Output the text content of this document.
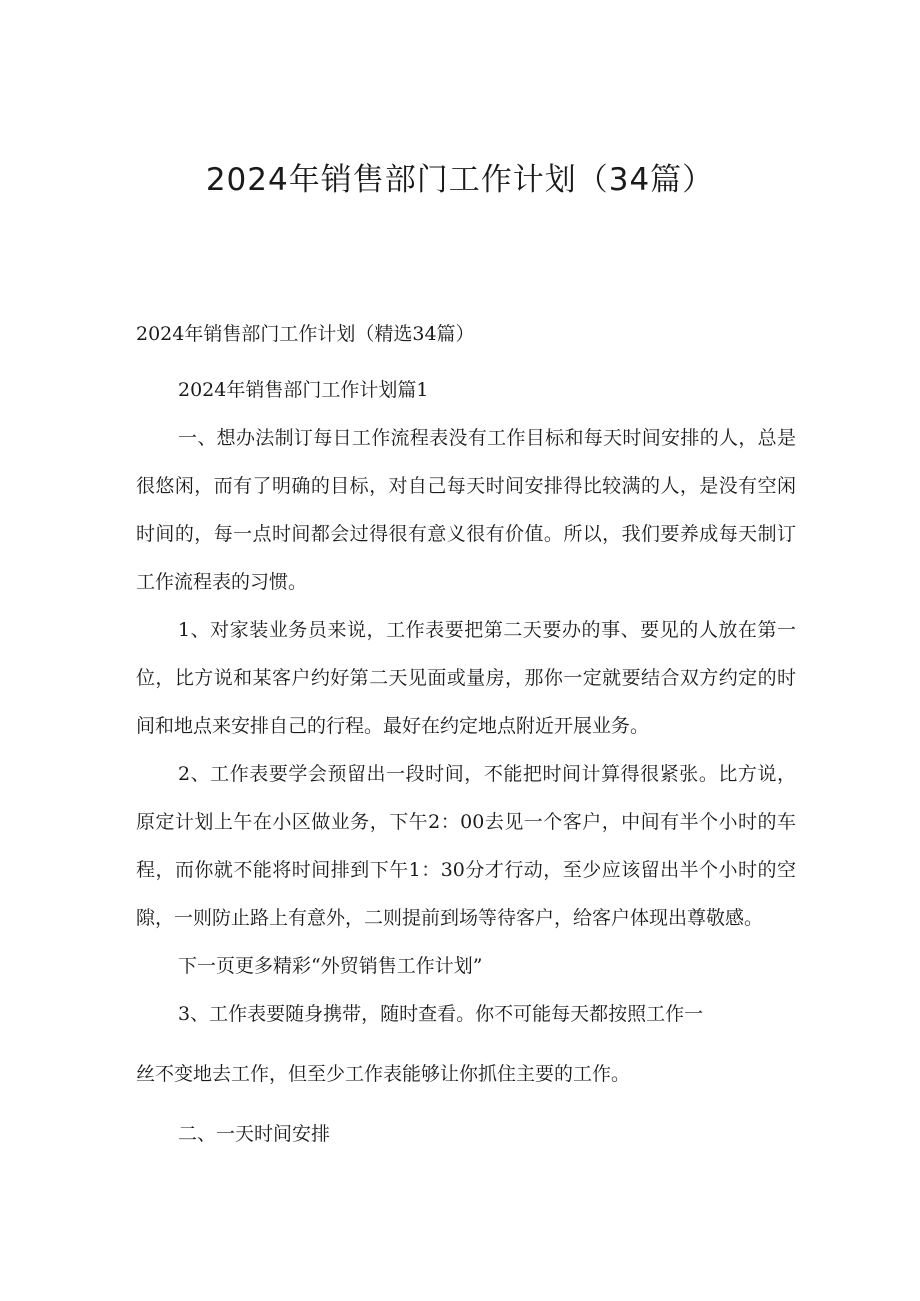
2024年销售部门工作计划（34篇）

2024年销售部门工作计划（精选34篇）

2024年销售部门工作计划篇1

一、想办法制订每日工作流程表没有工作目标和每天时间安排的人，总是很悠闲，而有了明确的目标，对自己每天时间安排得比较满的人，是没有空闲时间的，每一点时间都会过得很有意义很有价值。所以，我们要养成每天制订工作流程表的习惯。

1、对家装业务员来说，工作表要把第二天要办的事、要见的人放在第一位，比方说和某客户约好第二天见面或量房，那你一定就要结合双方约定的时间和地点来安排自己的行程。最好在约定地点附近开展业务。

2、工作表要学会预留出一段时间，不能把时间计算得很紧张。比方说，原定计划上午在小区做业务，下午2：00去见一个客户，中间有半个小时的车程，而你就不能将时间排到下午1：30分才行动，至少应该留出半个小时的空隙，一则防止路上有意外，二则提前到场等待客户，给客户体现出尊敬感。

下一页更多精彩“外贸销售工作计划”

3、工作表要随身携带，随时查看。你不可能每天都按照工作一

丝不变地去工作，但至少工作表能够让你抓住主要的工作。

二、一天时间安排
